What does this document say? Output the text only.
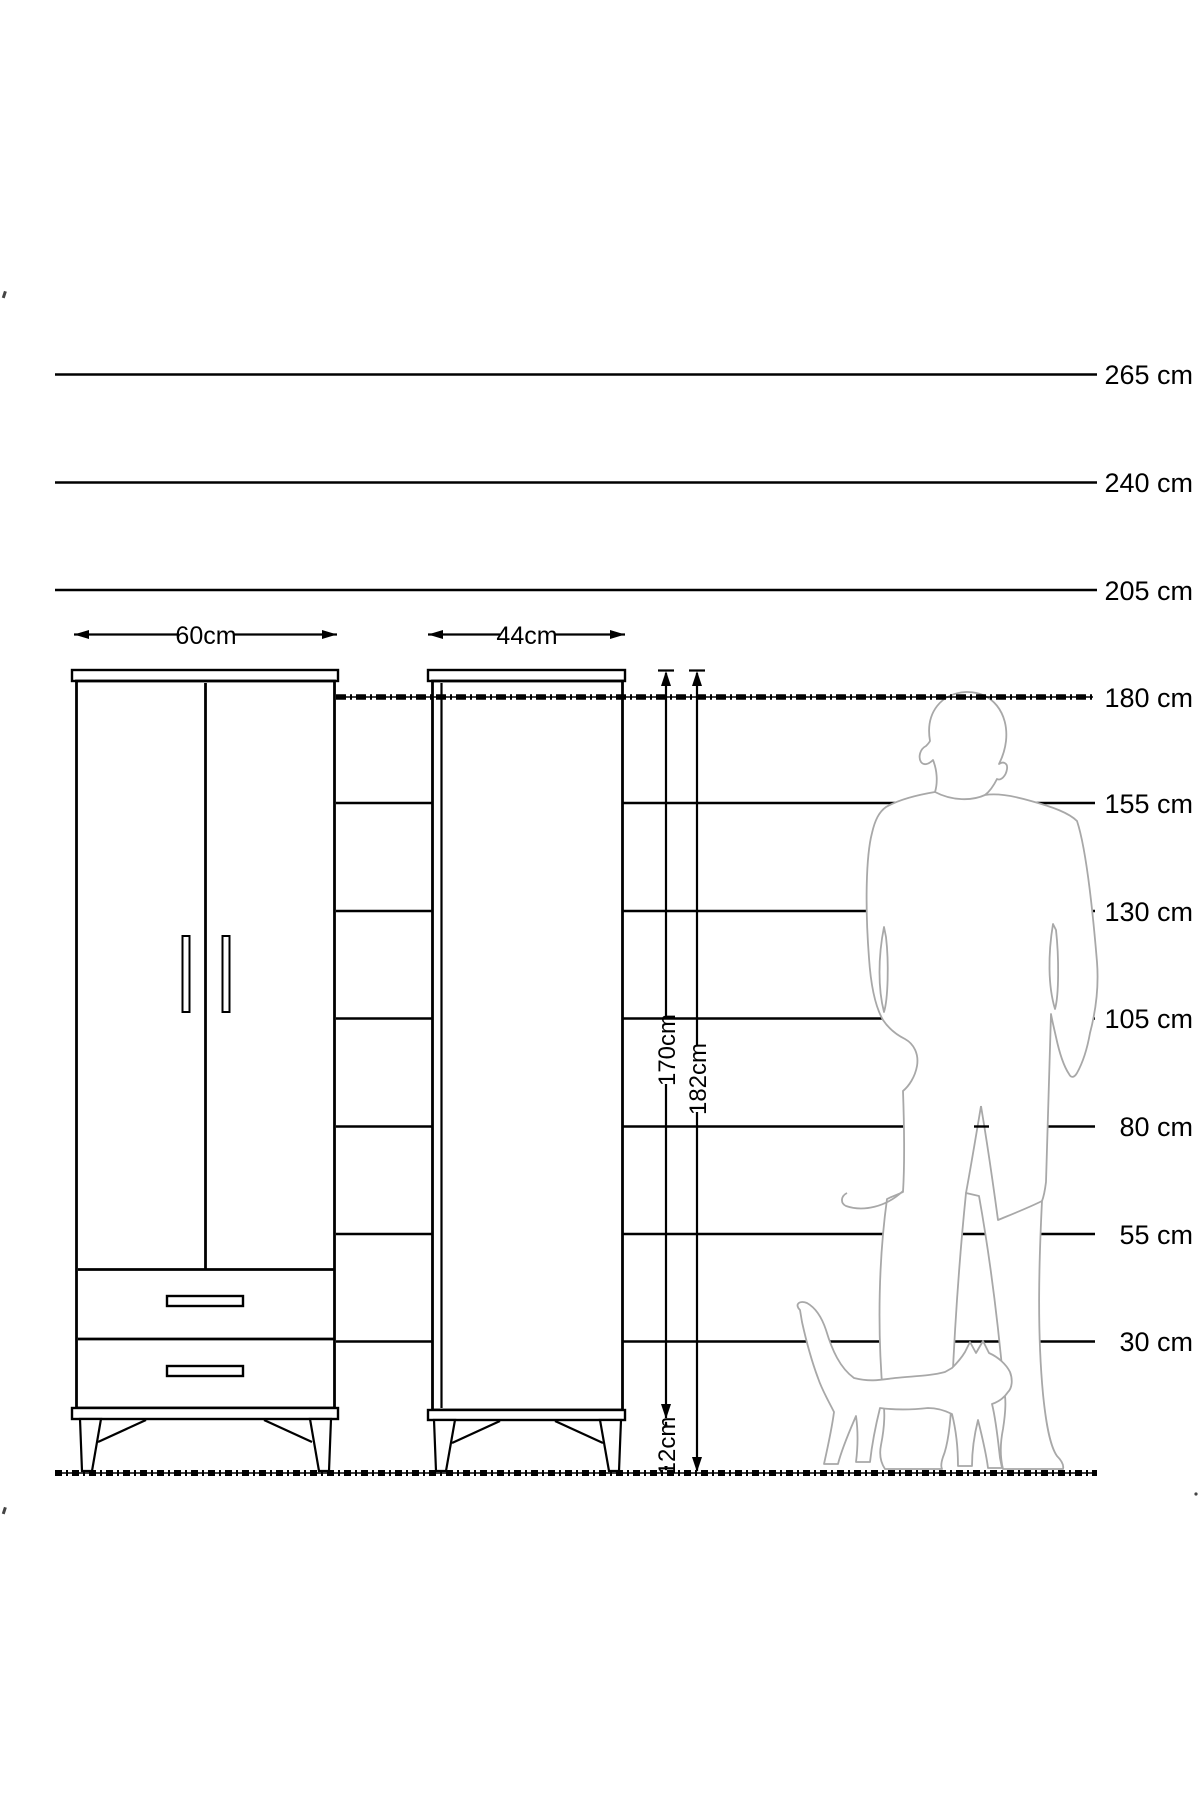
60cm	44cm
170cm 182cm
12cm
265 cm
240 cm
205 cm
180 cm
155 cm
130 cm
105 cm
80 cm
55 cm
30 cm
